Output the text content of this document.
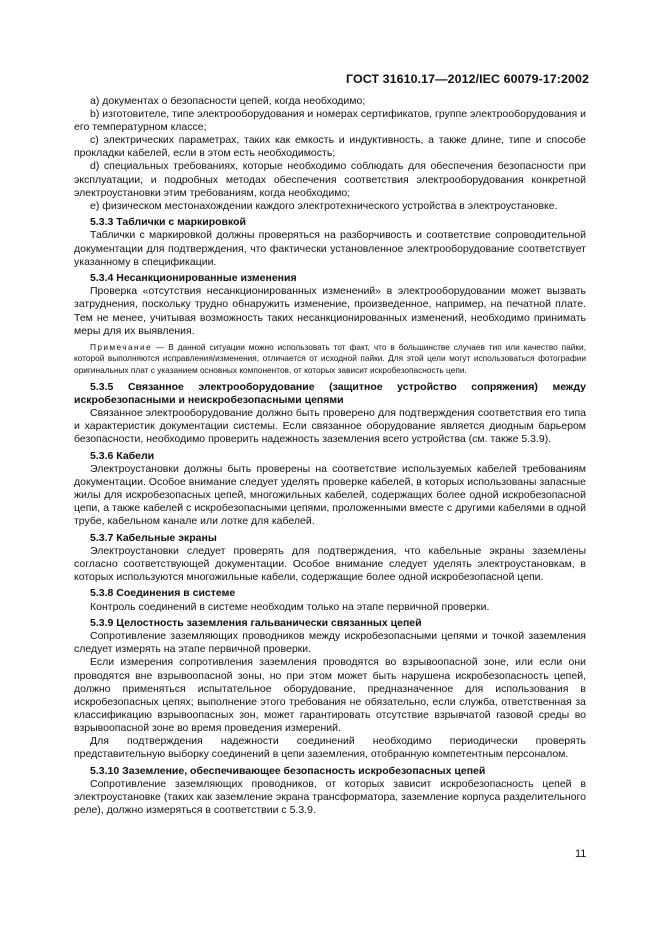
ГОСТ 31610.17—2012/IEC 60079-17:2002

а) документах о безопасности цепей, когда необходимо;

b) изготовителе, типе электрооборудования и номерах сертификатов, группе электрооборудования и его температурном классе;

с) электрических параметрах, таких как емкость и индуктивность, а также длине, типе и способе прокладки кабелей, если в этом есть необходимость;

d) специальных требованиях, которые необходимо соблюдать для обеспечения безопасности при эксплуатации, и подробных методах обеспечения соответствия электрооборудования конкретной электроустановки этим требованиям, когда необходимо;

е) физическом местонахождении каждого электротехнического устройства в электроустановке.

5.3.3 Таблички с маркировкой

Таблички с маркировкой должны проверяться на разборчивость и соответствие сопроводительной документации для подтверждения, что фактически установленное электрооборудование соответствует указанному в спецификации.

5.3.4 Несанкционированные изменения

Проверка «отсутствия несанкционированных изменений» в электрооборудовании может вызвать затруднения, поскольку трудно обнаружить изменение, произведенное, например, на печатной плате. Тем не менее, учитывая возможность таких несанкционированных изменений, необходимо принимать меры для их выявления.

Примечание — В данной ситуации можно использовать тот факт, что в большинстве случаев тип или качество пайки, которой выполняются исправления/изменения, отличается от исходной пайки. Для этой цели могут использоваться фотографии оригинальных плат с указанием основных компонентов, от которых зависит искробезопасность цепи.

5.3.5 Связанное электрооборудование (защитное устройство сопряжения) между искробезопасными и неискробезопасными цепями

Связанное электрооборудование должно быть проверено для подтверждения соответствия его типа и характеристик документации системы. Если связанное оборудование является диодным барьером безопасности, необходимо проверить надежность заземления всего устройства (см. также 5.3.9).

5.3.6 Кабели

Электроустановки должны быть проверены на соответствие используемых кабелей требованиям документации. Особое внимание следует уделять проверке кабелей, в которых использованы запасные жилы для искробезопасных цепей, многожильных кабелей, содержащих более одной искробезопасной цепи, а также кабелей с искробезопасными цепями, проложенными вместе с другими кабелями в одной трубе, кабельном канале или лотке для кабелей.

5.3.7 Кабельные экраны

Электроустановки следует проверять для подтверждения, что кабельные экраны заземлены согласно соответствующей документации. Особое внимание следует уделять электроустановкам, в которых используются многожильные кабели, содержащие более одной искробезопасной цепи.

5.3.8 Соединения в системе

Контроль соединений в системе необходим только на этапе первичной проверки.

5.3.9 Целостность заземления гальванически связанных цепей

Сопротивление заземляющих проводников между искробезопасными цепями и точкой заземления следует измерять на этапе первичной проверки.

Если измерения сопротивления заземления проводятся во взрывоопасной зоне, или если они проводятся вне взрывоопасной зоны, но при этом может быть нарушена искробезопасность цепей, должно применяться испытательное оборудование, предназначенное для использования в искробезопасных цепях; выполнение этого требования не обязательно, если служба, ответственная за классификацию взрывоопасных зон, может гарантировать отсутствие взрывчатой газовой среды во взрывоопасной зоне во время проведения измерений.

Для подтверждения надежности соединений необходимо периодически проверять представительную выборку соединений в цепи заземления, отобранную компетентным персоналом.

5.3.10 Заземление, обеспечивающее безопасность искробезопасных цепей

Сопротивление заземляющих проводников, от которых зависит искробезопасность цепей в электроустановке (таких как заземление экрана трансформатора, заземление корпуса разделительного реле), должно измеряться в соответствии с 5.3.9.

11
